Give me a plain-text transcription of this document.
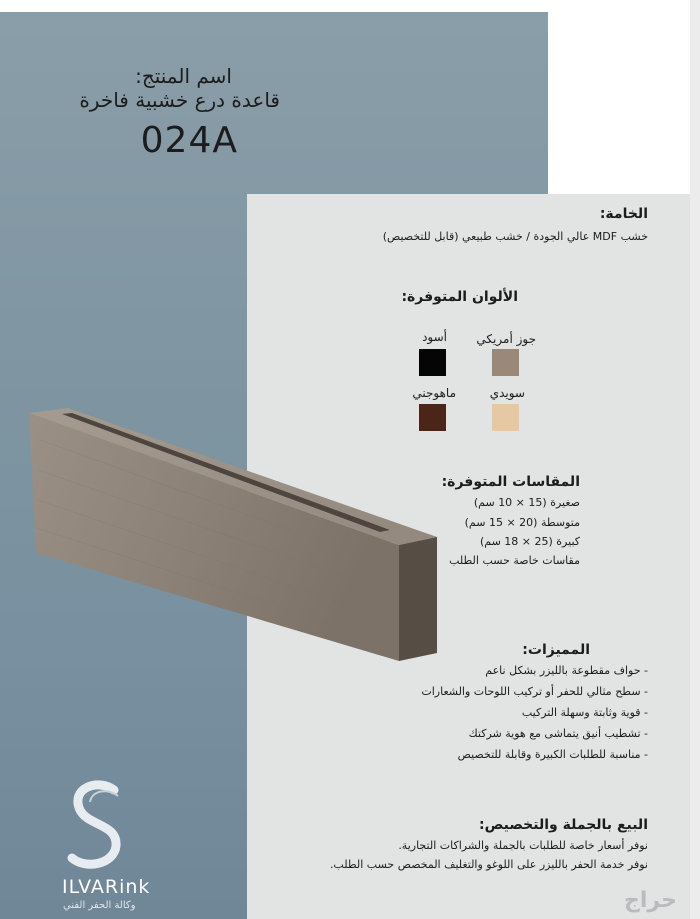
اسم المنتج:
قاعدة درع خشبية فاخرة
024A
الخامة:
خشب MDF عالي الجودة / خشب طبيعي (قابل للتخصيص)
الألوان المتوفرة:
جوز أمريكي
أسود
سويدي
ماهوجني
المقاسات المتوفرة:
صغيرة (15 × 10 سم)
متوسطة (20 × 15 سم)
كبيرة (25 × 18 سم)
مقاسات خاصة حسب الطلب
المميزات:
- حواف مقطوعة بالليزر بشكل ناعم
- سطح مثالي للحفر أو تركيب اللوحات والشعارات
- قوية وثابتة وسهلة التركيب
- تشطيب أنيق يتماشى مع هوية شركتك
- مناسبة للطلبات الكبيرة وقابلة للتخصيص
البيع بالجملة والتخصيص:
نوفر أسعار خاصة للطلبات بالجملة والشراكات التجارية.
نوفر خدمة الحفر بالليزر على اللوغو والتغليف المخصص حسب الطلب.
ILVARink
وكالة الحفر الفني	حراج
